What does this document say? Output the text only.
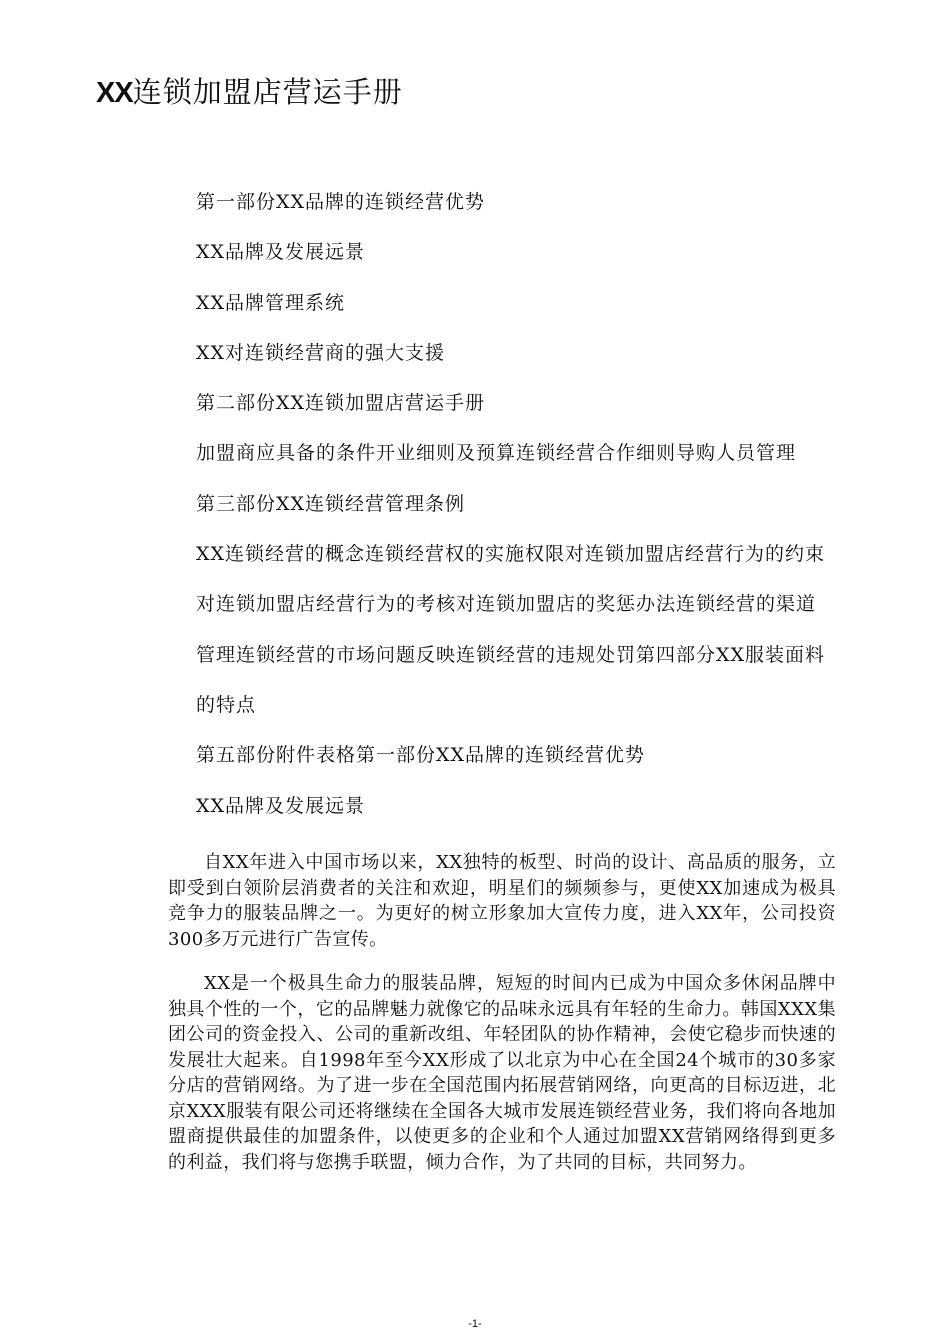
XX连锁加盟店营运手册
第一部份XX品牌的连锁经营优势
XX品牌及发展远景
XX品牌管理系统
XX对连锁经营商的强大支援
第二部份XX连锁加盟店营运手册
加盟商应具备的条件开业细则及预算连锁经营合作细则导购人员管理
第三部份XX连锁经营管理条例
XX连锁经营的概念连锁经营权的实施权限对连锁加盟店经营行为的约束
对连锁加盟店经营行为的考核对连锁加盟店的奖惩办法连锁经营的渠道
管理连锁经营的市场问题反映连锁经营的违规处罚第四部分XX服装面料
的特点
第五部份附件表格第一部份XX品牌的连锁经营优势
XX品牌及发展远景

自XX年进入中国市场以来，XX独特的板型、时尚的设计、高品质的服务，立即受到白领阶层消费者的关注和欢迎，明星们的频频参与，更使XX加速成为极具竞争力的服装品牌之一。为更好的树立形象加大宣传力度，进入XX年，公司投资300多万元进行广告宣传。

XX是一个极具生命力的服装品牌，短短的时间内已成为中国众多休闲品牌中独具个性的一个，它的品牌魅力就像它的品味永远具有年轻的生命力。韩国XXX集团公司的资金投入、公司的重新改组、年轻团队的协作精神，会使它稳步而快速的发展壮大起来。自1998年至今XX形成了以北京为中心在全国24个城市的30多家分店的营销网络。为了进一步在全国范围内拓展营销网络，向更高的目标迈进，北京XXX服装有限公司还将继续在全国各大城市发展连锁经营业务，我们将向各地加盟商提供最佳的加盟条件，以使更多的企业和个人通过加盟XX营销网络得到更多的利益，我们将与您携手联盟，倾力合作，为了共同的目标，共同努力。

-1-
